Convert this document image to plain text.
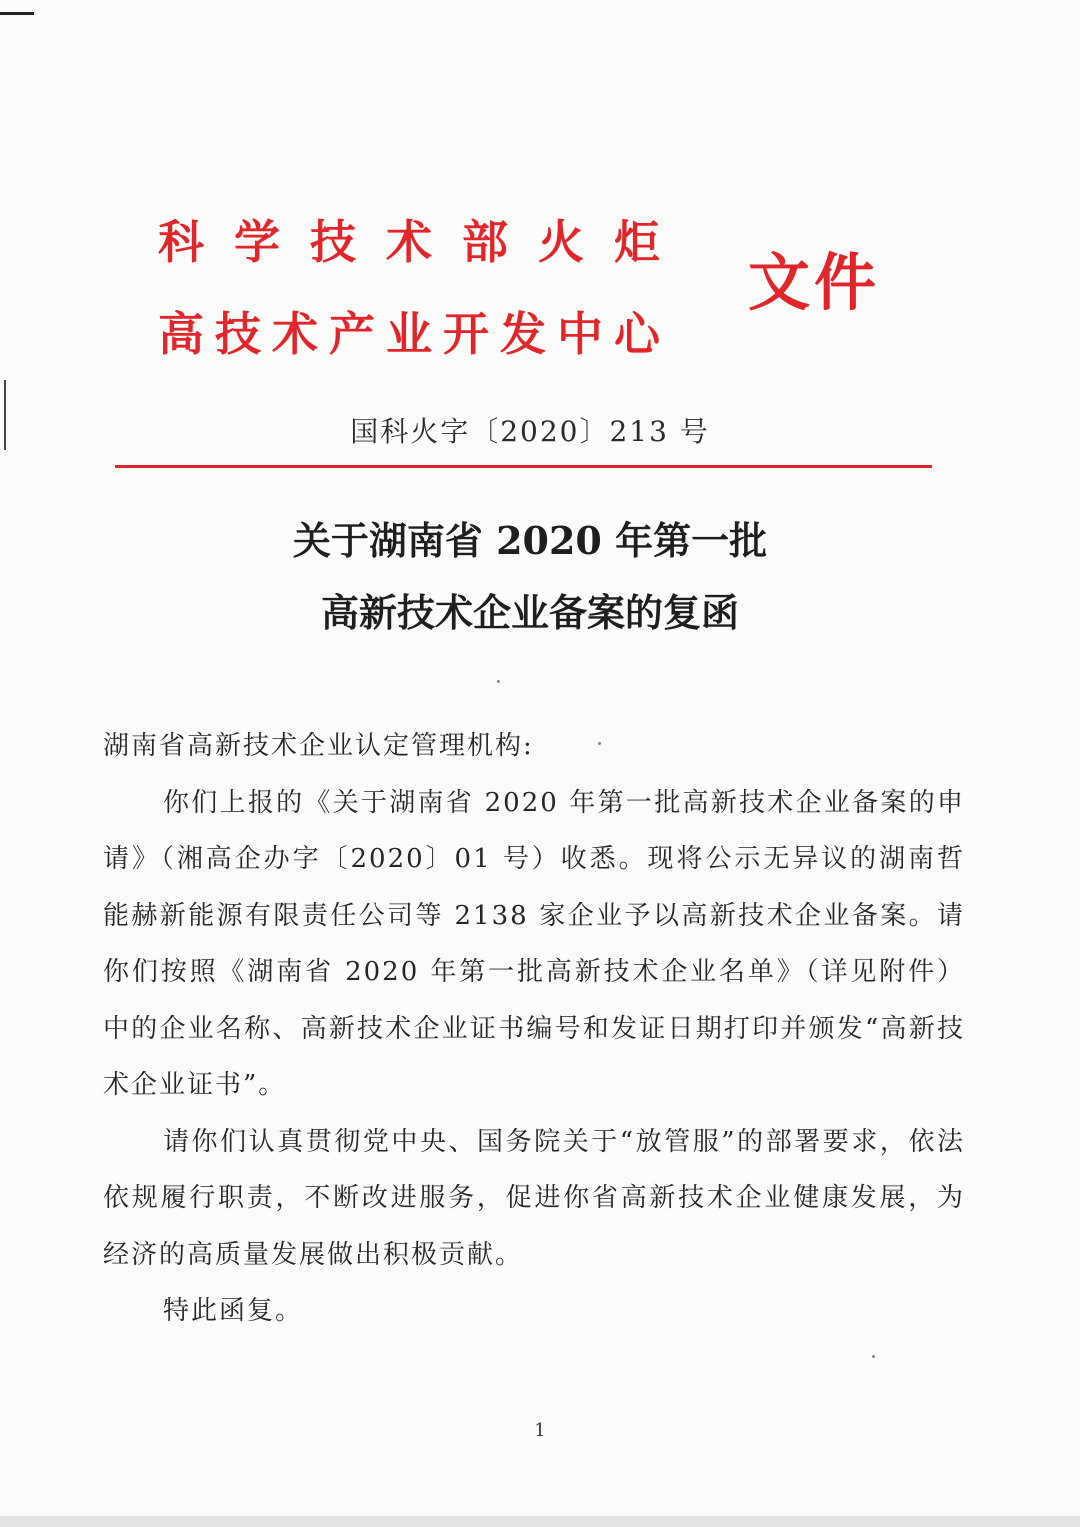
科学技术部火炬
高技术产业开发中心
文件
国科火字〔2020〕213 号
关于湖南省 2020 年第一批
高新技术企业备案的复函

湖南省高新技术企业认定管理机构:

你们上报的《关于湖南省 2020 年第一批高新技术企业备案的申请》（湘高企办字〔2020〕01 号）收悉。现将公示无异议的湖南哲能赫新能源有限责任公司等 2138 家企业予以高新技术企业备案。请你们按照《湖南省 2020 年第一批高新技术企业名单》（详见附件）中的企业名称、高新技术企业证书编号和发证日期打印并颁发“高新技术企业证书”。

请你们认真贯彻党中央、国务院关于“放管服”的部署要求，依法依规履行职责，不断改进服务，促进你省高新技术企业健康发展，为经济的高质量发展做出积极贡献。

特此函复。

1
